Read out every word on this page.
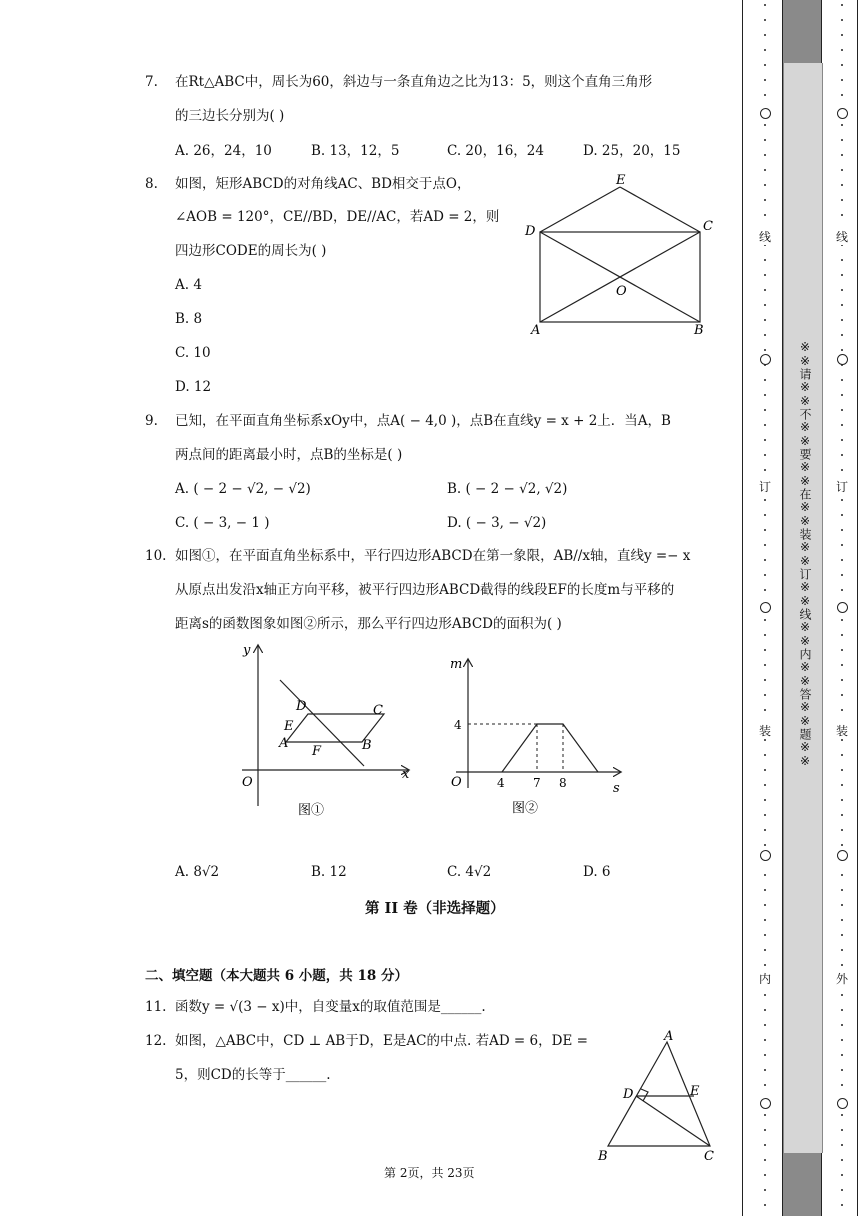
7. 在Rt△ABC中，周长为60，斜边与一条直角边之比为13：5，则这个直角三角形
的三边长分别为( )
A. 26，24，10	B. 13，12，5	C. 20，16，24	D. 25，20，15
8. 如图，矩形ABCD的对角线AC、BD相交于点O，
∠AOB = 120°，CE//BD，DE//AC，若AD = 2，则
四边形CODE的周长为( )
A. 4
B. 8
C. 10
D. 12
E
D	C
O
A	B
9. 已知，在平面直角坐标系xOy中，点A( − 4,0 )，点B在直线y = x + 2上．当A，B
两点间的距离最小时，点B的坐标是( )
A. ( − 2 − √2, − √2)	B. ( − 2 − √2, √2)
C. ( − 3, − 1 )	D. ( − 3, − √2)
10. 如图①，在平面直角坐标系中，平行四边形ABCD在第一象限，AB//x轴，直线y =− x
从原点出发沿x轴正方向平移，被平行四边形ABCD截得的线段EF的长度m与平移的
距离s的函数图象如图②所示，那么平行四边形ABCD的面积为( )
y
x
O
D	C
E
A
F	B
图①
m
s
O
4
4 7 8
图②
A. 8√2	B. 12	C. 4√2	D. 6
第 II 卷（非选择题）
二、填空题（本大题共 6 小题，共 18 分）
11. 函数y = √(3 − x)中，自变量x的取值范围是______.
12. 如图，△ABC中，CD ⊥ AB于D，E是AC的中点. 若AD = 6，DE =
5，则CD的长等于______.
A
D	E
B	C
第 2页，共 23页
※※请※※不※※要※※在※※装※※订※※线※※内※※答※※题※※
线
订
装
内
线
订
装
外
